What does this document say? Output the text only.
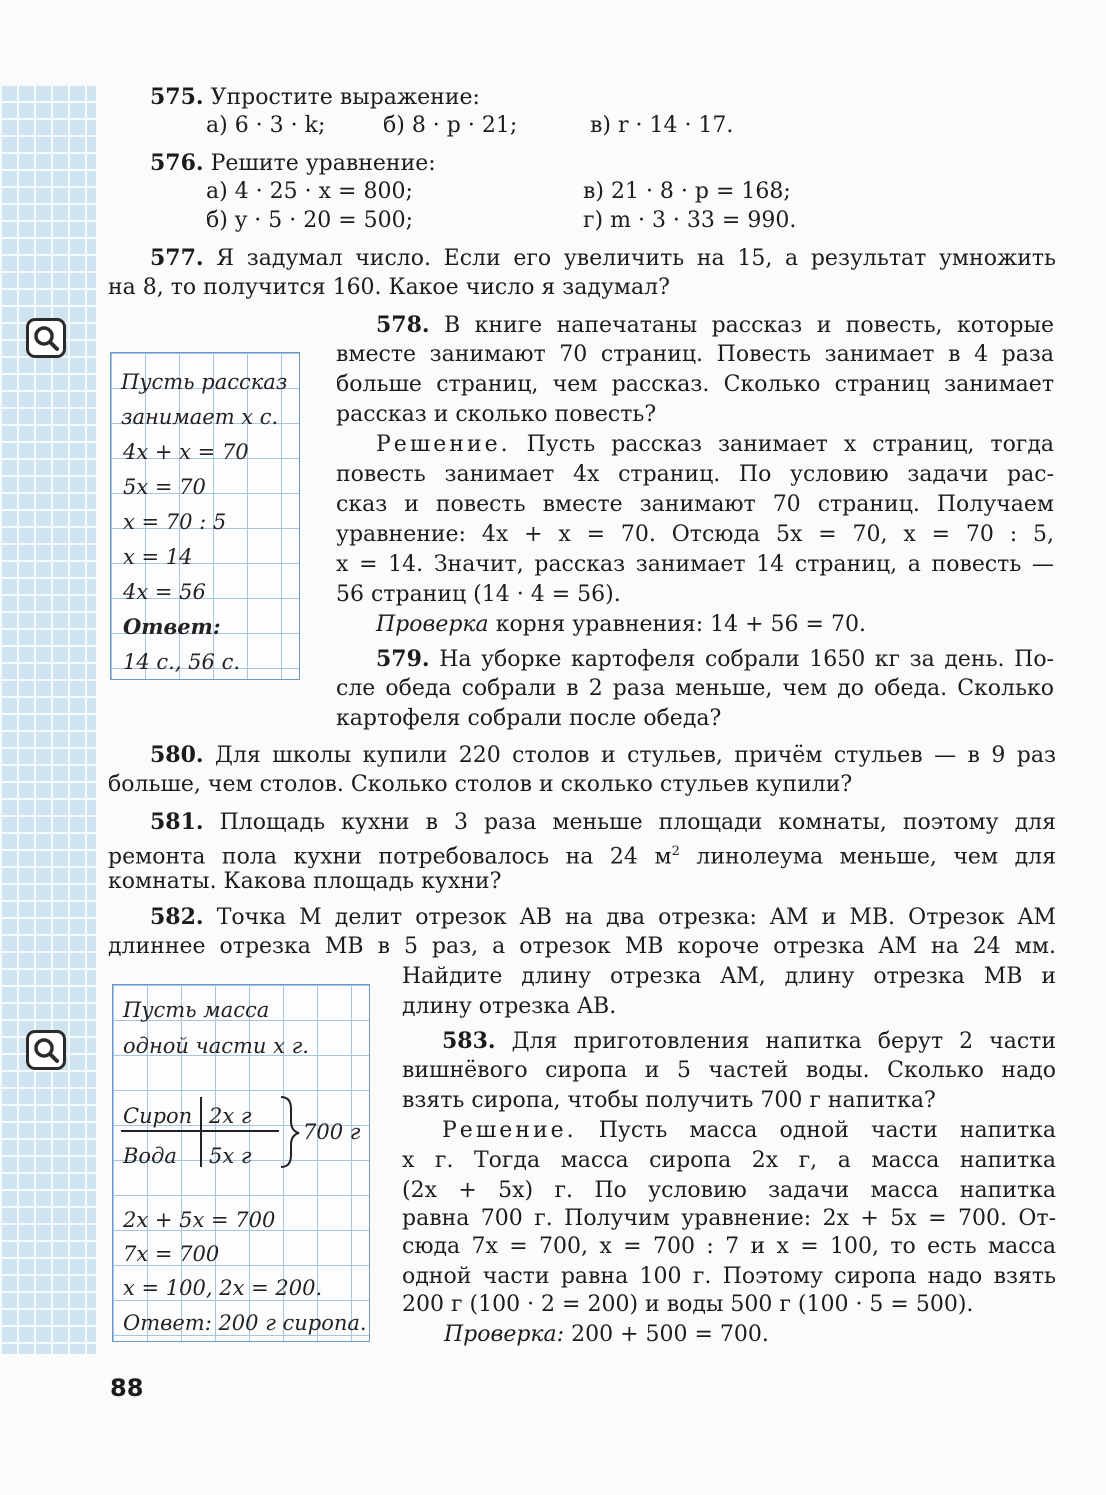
575. Упростите выражение:
а) 6 · 3 · k;	б) 8 · p · 21;	в) r · 14 · 17.
576. Решите уравнение:
а) 4 · 25 · x = 800;	в) 21 · 8 · p = 168;
б) y · 5 · 20 = 500;	г) m · 3 · 33 = 990.
577. Я задумал число. Если его увеличить на 15, а результат умножить
на 8, то получится 160. Какое число я задумал?
578. В книге напечатаны рассказ и повесть, которые
вместе занимают 70 страниц. Повесть занимает в 4 раза
больше страниц, чем рассказ. Сколько страниц занимает
рассказ и сколько повесть?
Решение. Пусть рассказ занимает x страниц, тогда
повесть занимает 4x страниц. По условию задачи рас-
сказ и повесть вместе занимают 70 страниц. Получаем
уравнение: 4x + x = 70. Отсюда 5x = 70, x = 70 : 5,
x = 14. Значит, рассказ занимает 14 страниц, а повесть —
56 страниц (14 · 4 = 56).
Проверка корня уравнения: 14 + 56 = 70.
Пусть рассказ
занимает x с.
4x + x = 70
5x = 70
x = 70 : 5
x = 14
4x = 56
Ответ:
14 с., 56 с.	579. На уборке картофеля собрали 1650 кг за день. По-
сле обеда собрали в 2 раза меньше, чем до обеда. Сколько
картофеля собрали после обеда?
580. Для школы купили 220 столов и стульев, причём стульев — в 9 раз
больше, чем столов. Сколько столов и сколько стульев купили?
581. Площадь кухни в 3 раза меньше площади комнаты, поэтому для
ремонта пола кухни потребовалось на 24 $м^2$ линолеума меньше, чем для
комнаты. Какова площадь кухни?
582. Точка M делит отрезок AB на два отрезка: AM и MB. Отрезок AM
длиннее отрезка MB в 5 раз, а отрезок MB короче отрезка AM на 24 мм.
Найдите длину отрезка AM, длину отрезка MB и
длину отрезка AB.
Пусть масса
одной части x г.
Сироп 2x г
Вода 5x г
700 г
2x + 5x = 700
7x = 700
x = 100, 2x = 200.
Ответ: 200 г сиропа.
583. Для приготовления напитка берут 2 части
вишнёвого сиропа и 5 частей воды. Сколько надо
взять сиропа, чтобы получить 700 г напитка?
Решение. Пусть масса одной части напитка
x г. Тогда масса сиропа 2x г, а масса напитка
(2x + 5x) г. По условию задачи масса напитка
равна 700 г. Получим уравнение: 2x + 5x = 700. От-
сюда 7x = 700, x = 700 : 7 и x = 100, то есть масса
одной части равна 100 г. Поэтому сиропа надо взять
200 г (100 · 2 = 200) и воды 500 г (100 · 5 = 500).
Проверка: 200 + 500 = 700.
88
